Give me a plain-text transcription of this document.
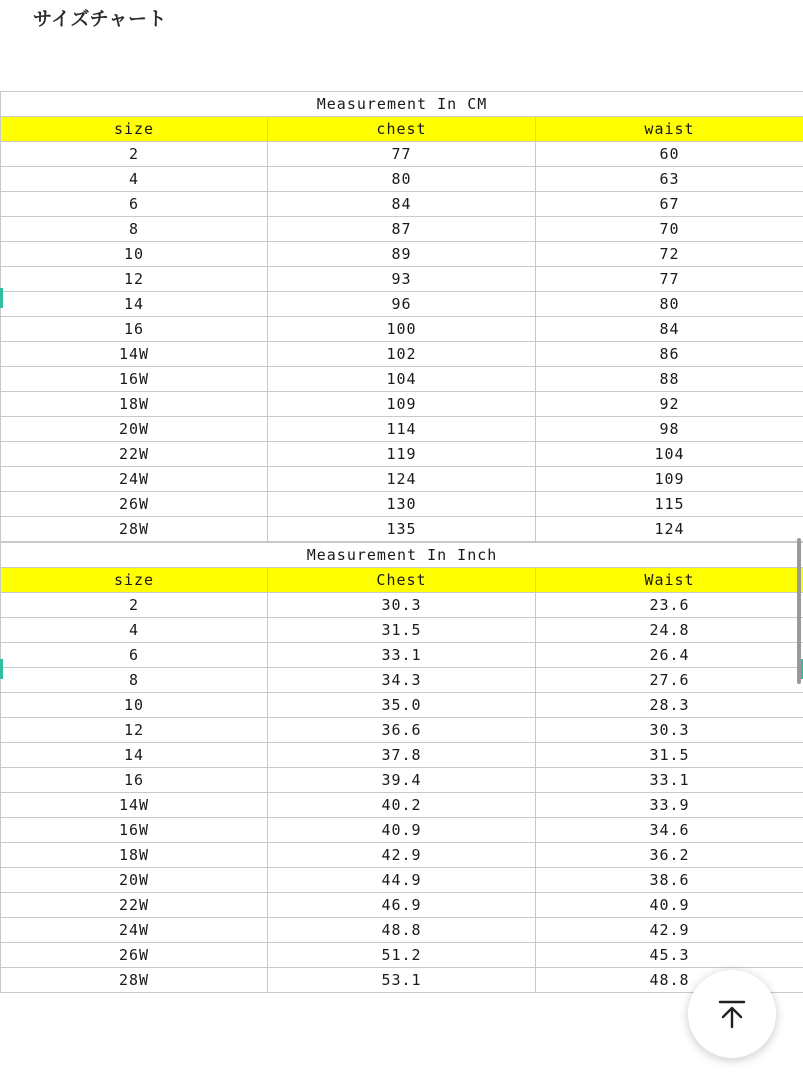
サイズチャート
Measurement In CM		
size	chest	waist
2	77	60
4	80	63
6	84	67
8	87	70
10	89	72
12	93	77
14	96	80
16	100	84
14W	102	86
16W	104	88
18W	109	92
20W	114	98
22W	119	104
24W	124	109
26W	130	115
28W	135	124
Measurement In Inch		
size	Chest	Waist
2	30.3	23.6
4	31.5	24.8
6	33.1	26.4
8	34.3	27.6
10	35.0	28.3
12	36.6	30.3
14	37.8	31.5
16	39.4	33.1
14W	40.2	33.9
16W	40.9	34.6
18W	42.9	36.2
20W	44.9	38.6
22W	46.9	40.9
24W	48.8	42.9
26W	51.2	45.3
28W	53.1	48.8
